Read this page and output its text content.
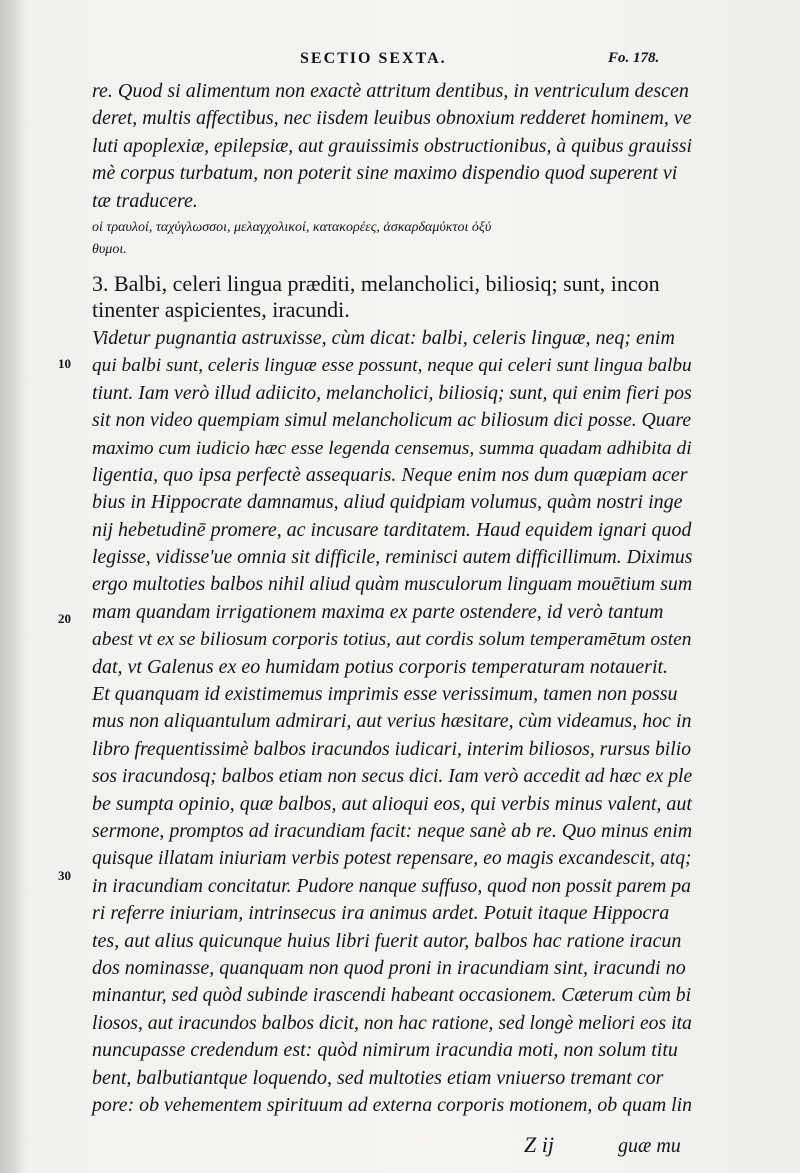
SECTIO SEXTA.	Fo. 178.
10
20
30
re. Quod si alimentum non exactè attritum dentibus, in ventriculum descen
deret, multis affectibus, nec iisdem leuibus obnoxium redderet hominem, ve
luti apoplexiæ, epilepsiæ, aut grauissimis obstructionibus, à quibus grauissi
mè corpus turbatum, non poterit sine maximo dispendio quod superent vi
tæ traducere.
οἱ τραυλοί, ταχύγλωσσοι, μελαγχολικοί, κατακορέες, ἀσκαρδαμύκτοι ὀξύ
θυμοι.
3. Balbi, celeri lingua præditi, melancholici, biliosiq; sunt, incon
tinenter aspicientes, iracundi.
Videtur pugnantia astruxisse, cùm dicat: balbi, celeris linguæ, neq; enim
qui balbi sunt, celeris linguæ esse possunt, neque qui celeri sunt lingua balbu
tiunt. Iam verò illud adiicito, melancholici, biliosiq; sunt, qui enim fieri pos
sit non video quempiam simul melancholicum ac biliosum dici posse. Quare
maximo cum iudicio hæc esse legenda censemus, summa quadam adhibita di
ligentia, quo ipsa perfectè assequaris. Neque enim nos dum quæpiam acer
bius in Hippocrate damnamus, aliud quidpiam volumus, quàm nostri inge
nij hebetudinē promere, ac incusare tarditatem. Haud equidem ignari quod
legisse, vidisse'ue omnia sit difficile, reminisci autem difficillimum. Diximus
ergo multoties balbos nihil aliud quàm musculorum linguam mouētium sum
mam quandam irrigationem maxima ex parte ostendere, id verò tantum
abest vt ex se biliosum corporis totius, aut cordis solum temperamētum osten
dat, vt Galenus ex eo humidam potius corporis temperaturam notauerit.
Et quanquam id existimemus imprimis esse verissimum, tamen non possu
mus non aliquantulum admirari, aut verius hæsitare, cùm videamus, hoc in
libro frequentissimè balbos iracundos iudicari, interim biliosos, rursus bilio
sos iracundosq; balbos etiam non secus dici. Iam verò accedit ad hæc ex ple
be sumpta opinio, quæ balbos, aut alioqui eos, qui verbis minus valent, aut
sermone, promptos ad iracundiam facit: neque sanè ab re. Quo minus enim
quisque illatam iniuriam verbis potest repensare, eo magis excandescit, atq;
in iracundiam concitatur. Pudore nanque suffuso, quod non possit parem pa
ri referre iniuriam, intrinsecus ira animus ardet. Potuit itaque Hippocra
tes, aut alius quicunque huius libri fuerit autor, balbos hac ratione iracun
dos nominasse, quanquam non quod proni in iracundiam sint, iracundi no
minantur, sed quòd subinde irascendi habeant occasionem. Cæterum cùm bi
liosos, aut iracundos balbos dicit, non hac ratione, sed longè meliori eos ita
nuncupasse credendum est: quòd nimirum iracundia moti, non solum titu
bent, balbutiantque loquendo, sed multoties etiam vniuerso tremant cor
pore: ob vehementem spirituum ad externa corporis motionem, ob quam lin
Z ij	guæ mu
